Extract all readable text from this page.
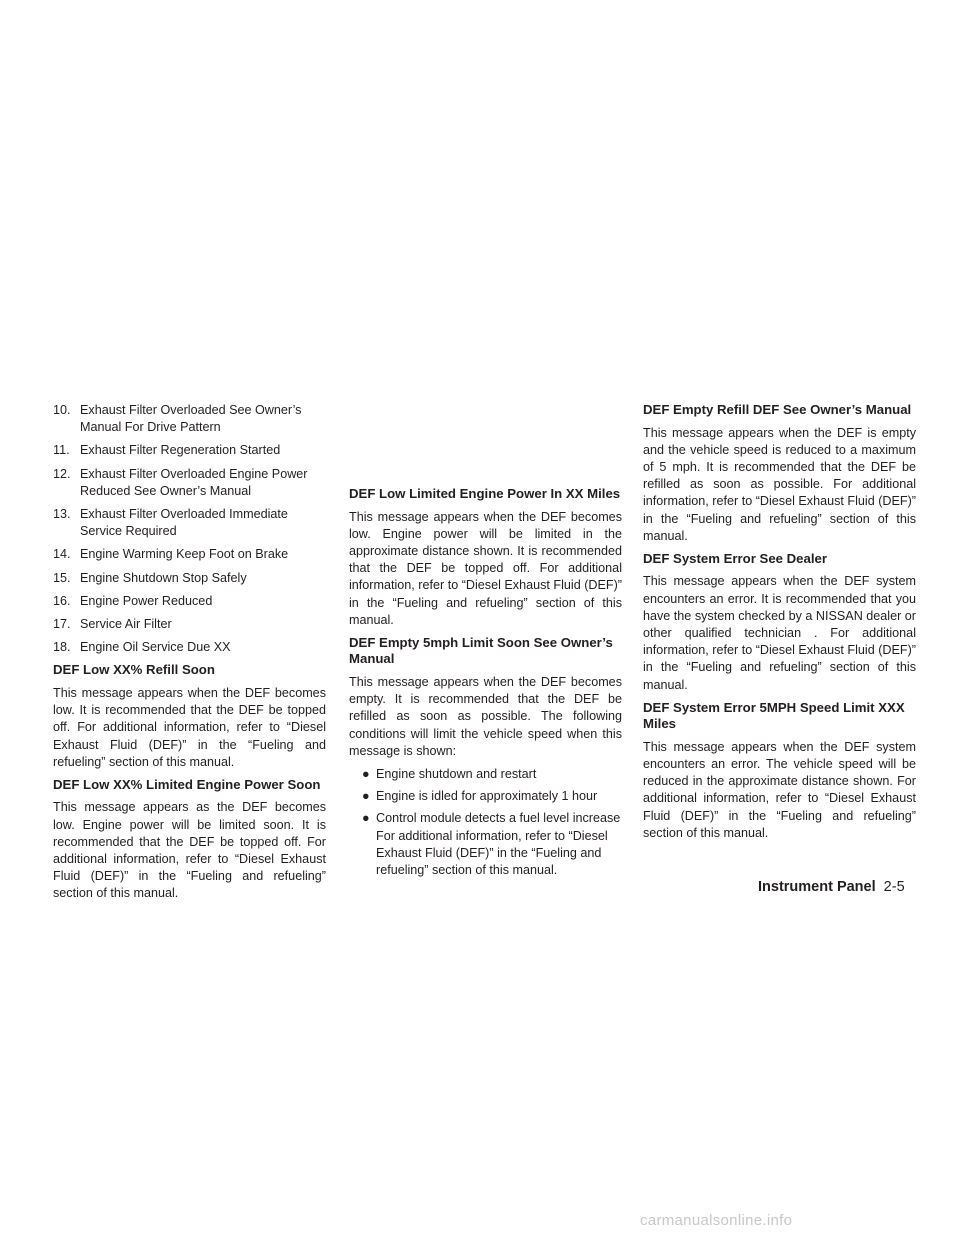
10. Exhaust Filter Overloaded See Owner’s Manual For Drive Pattern
11. Exhaust Filter Regeneration Started
12. Exhaust Filter Overloaded Engine Power Reduced See Owner’s Manual
13. Exhaust Filter Overloaded Immediate Service Required
14. Engine Warming Keep Foot on Brake
15. Engine Shutdown Stop Safely
16. Engine Power Reduced
17. Service Air Filter
18. Engine Oil Service Due XX
DEF Low XX% Refill Soon
This message appears when the DEF becomes low. It is recommended that the DEF be topped off. For additional information, refer to “Diesel Exhaust Fluid (DEF)” in the “Fueling and refueling” section of this manual.
DEF Low XX% Limited Engine Power Soon
This message appears as the DEF becomes low. Engine power will be limited soon. It is recommended that the DEF be topped off. For additional information, refer to “Diesel Exhaust Fluid (DEF)” in the “Fueling and refueling” section of this manual.
DEF Low Limited Engine Power In XX Miles
This message appears when the DEF becomes low. Engine power will be limited in the approximate distance shown. It is recommended that the DEF be topped off. For additional information, refer to “Diesel Exhaust Fluid (DEF)” in the “Fueling and refueling” section of this manual.
DEF Empty 5mph Limit Soon See Owner’s Manual
This message appears when the DEF becomes empty. It is recommended that the DEF be refilled as soon as possible. The following conditions will limit the vehicle speed when this message is shown:
● Engine shutdown and restart
● Engine is idled for approximately 1 hour
● Control module detects a fuel level increase For additional information, refer to “Diesel Exhaust Fluid (DEF)” in the “Fueling and refueling” section of this manual.
DEF Empty Refill DEF See Owner’s Manual
This message appears when the DEF is empty and the vehicle speed is reduced to a maximum of 5 mph. It is recommended that the DEF be refilled as soon as possible. For additional information, refer to “Diesel Exhaust Fluid (DEF)” in the “Fueling and refueling” section of this manual.
DEF System Error See Dealer
This message appears when the DEF system encounters an error. It is recommended that you have the system checked by a NISSAN dealer or other qualified technician . For additional information, refer to “Diesel Exhaust Fluid (DEF)” in the “Fueling and refueling” section of this manual.
DEF System Error 5MPH Speed Limit XXX Miles
This message appears when the DEF system encounters an error. The vehicle speed will be reduced in the approximate distance shown. For additional information, refer to “Diesel Exhaust Fluid (DEF)” in the “Fueling and refueling” section of this manual.
Instrument Panel 2-5
carmanualsonline.info
